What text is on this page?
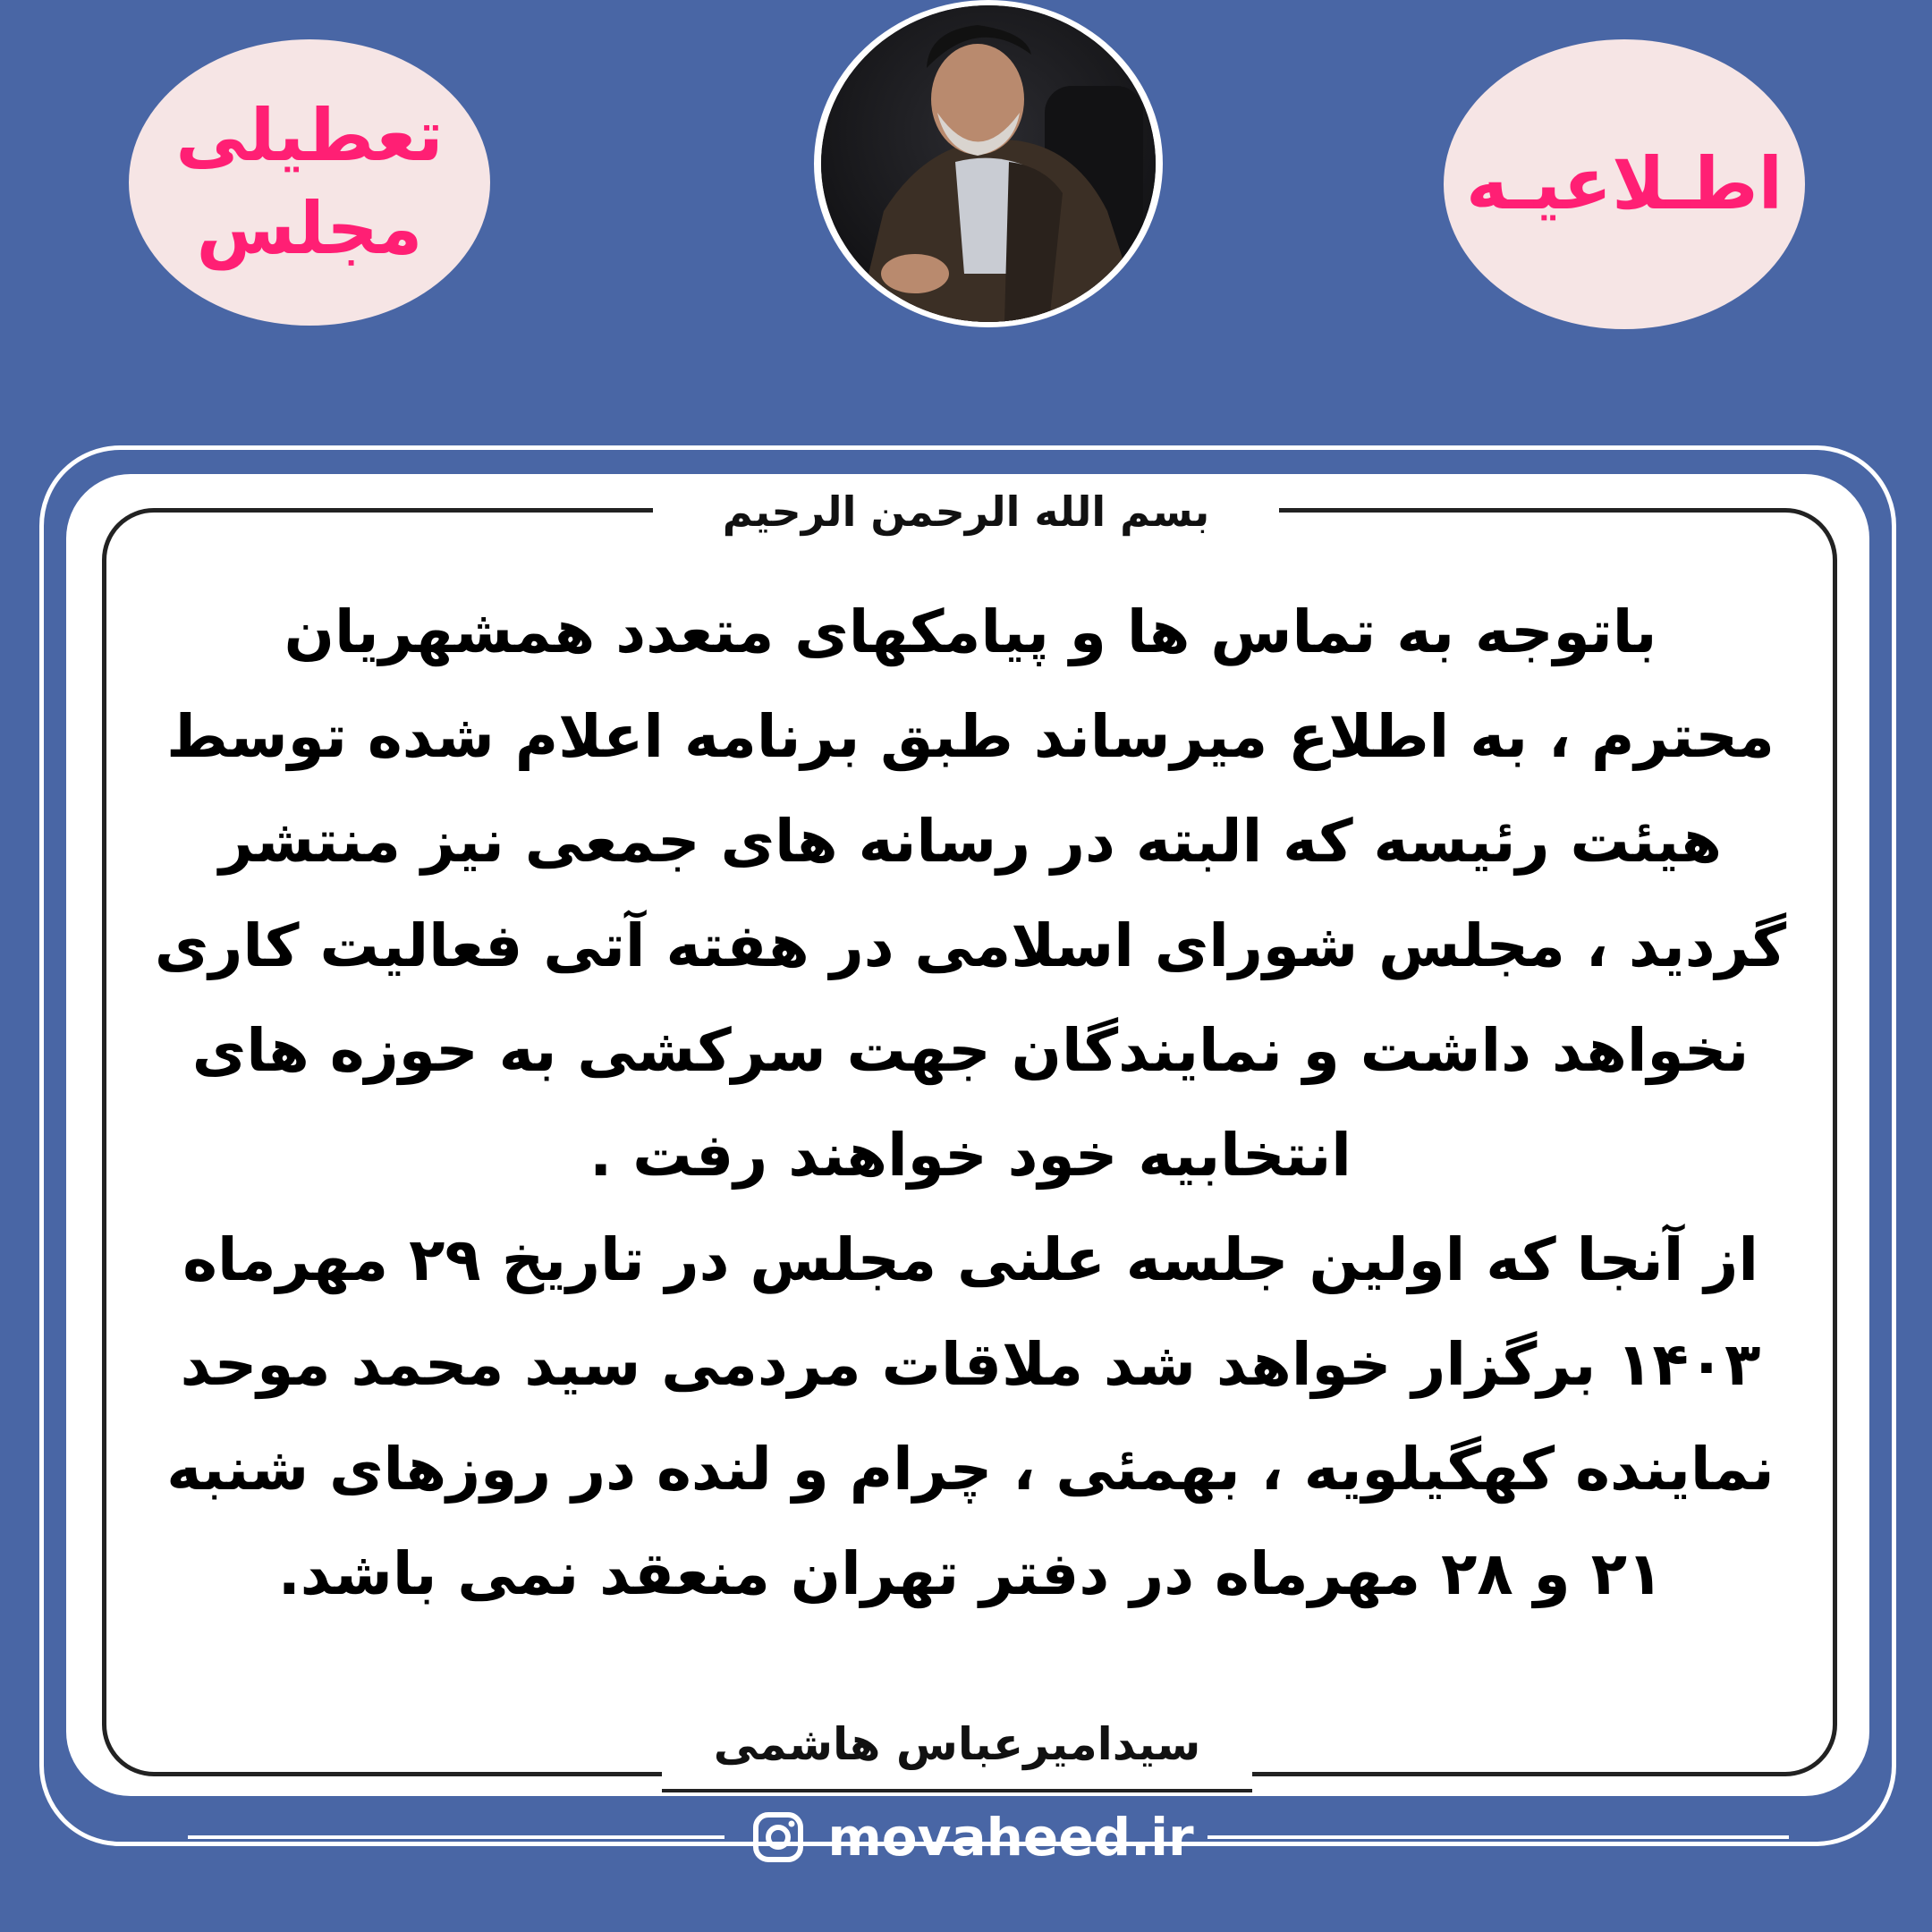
تعطیلی
مجلس
اطـلاعیـه
بسم الله الرحمن الرحیم
باتوجه به تماس ها و پیامکهای متعدد همشهریان
محترم ، به اطلاع میرساند طبق برنامه اعلام شده توسط
هیئت رئیسه که البته در رسانه های جمعی نیز منتشر
گردید ، مجلس شورای اسلامی در هفته آتی فعالیت کاری
نخواهد داشت و نمایندگان جهت سرکشی به حوزه های
انتخابیه خود خواهند رفت .
از آنجا که اولین جلسه علنی مجلس در تاریخ ۲۹ مهرماه
۱۴۰۳ برگزار خواهد شد ملاقات مردمی سید محمد موحد
نماینده کهگیلویه ، بهمئی ، چرام و لنده در روزهای شنبه
۲۱ و ۲۸ مهرماه در دفتر تهران منعقد نمی باشد.
سیدامیرعباس هاشمی
movaheed.ir
